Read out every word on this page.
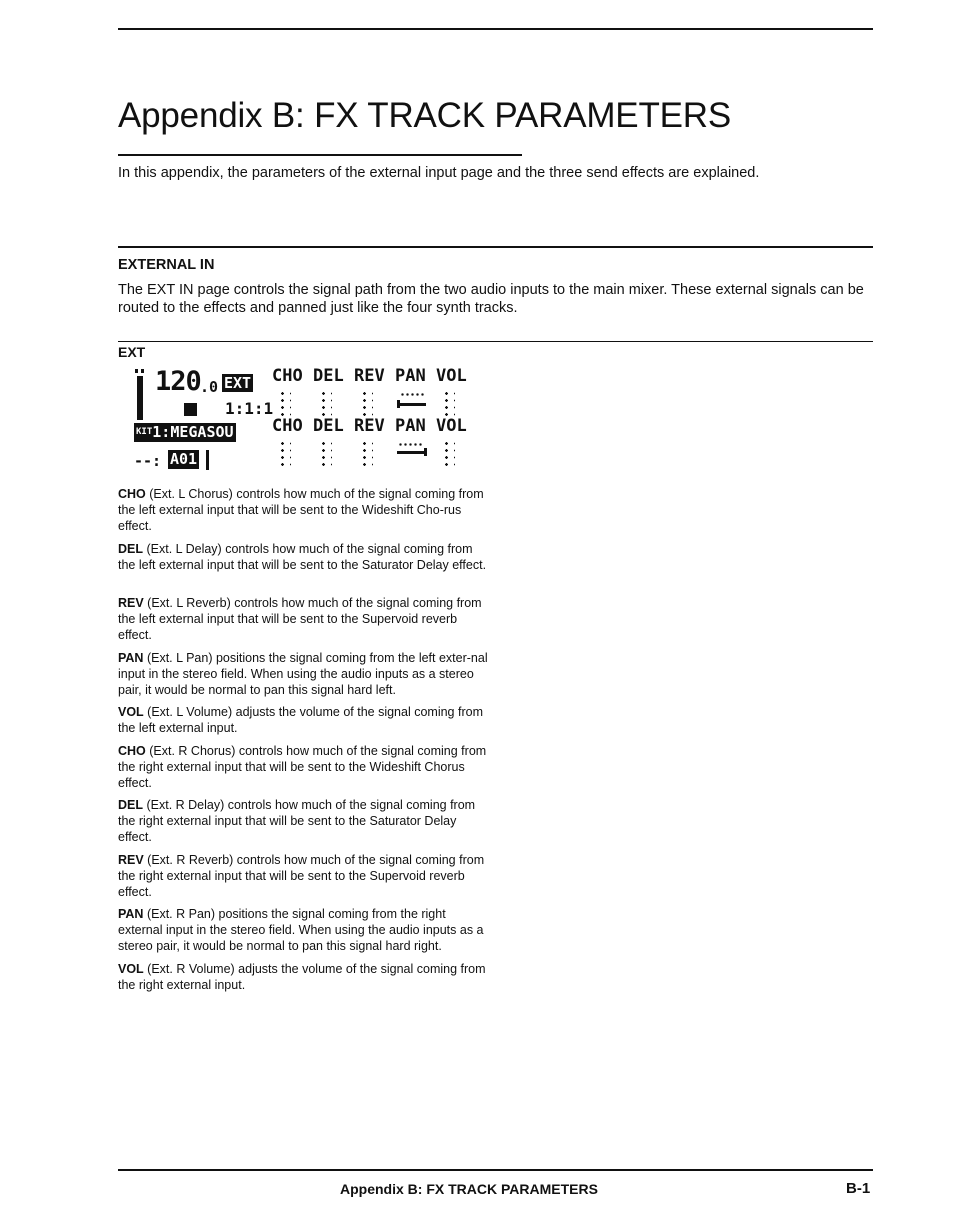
Appendix B: FX TRACK PARAMETERS

In this appendix, the parameters of the external input page and the three send effects are explained.

EXTERNAL IN

The EXT IN page controls the signal path from the two audio inputs to the main mixer. These external signals can be routed to the effects and panned just like the four synth tracks.

EXT
120 .0 EXT
1:1:1
$^{KIT}$1:MEGASOU
--: A01
CHO DEL REV PAN VOL
CHO DEL REV PAN VOL

CHO (Ext. L Chorus) controls how much of the signal coming from the left external input that will be sent to the Wideshift Cho-rus effect.

DEL (Ext. L Delay) controls how much of the signal coming from the left external input that will be sent to the Saturator Delay effect.

REV (Ext. L Reverb) controls how much of the signal coming from the left external input that will be sent to the Supervoid reverb effect.

PAN (Ext. L Pan) positions the signal coming from the left exter-nal input in the stereo field. When using the audio inputs as a stereo pair, it would be normal to pan this signal hard left.

VOL (Ext. L Volume) adjusts the volume of the signal coming from the left external input.

CHO (Ext. R Chorus) controls how much of the signal coming from the right external input that will be sent to the Wideshift Chorus effect.

DEL (Ext. R Delay) controls how much of the signal coming from the right external input that will be sent to the Saturator Delay effect.

REV (Ext. R Reverb) controls how much of the signal coming from the right external input that will be sent to the Supervoid reverb effect.

PAN (Ext. R Pan) positions the signal coming from the right external input in the stereo field. When using the audio inputs as a stereo pair, it would be normal to pan this signal hard right.

VOL (Ext. R Volume) adjusts the volume of the signal coming from the right external input.

Appendix B: FX TRACK PARAMETERS	B-1
